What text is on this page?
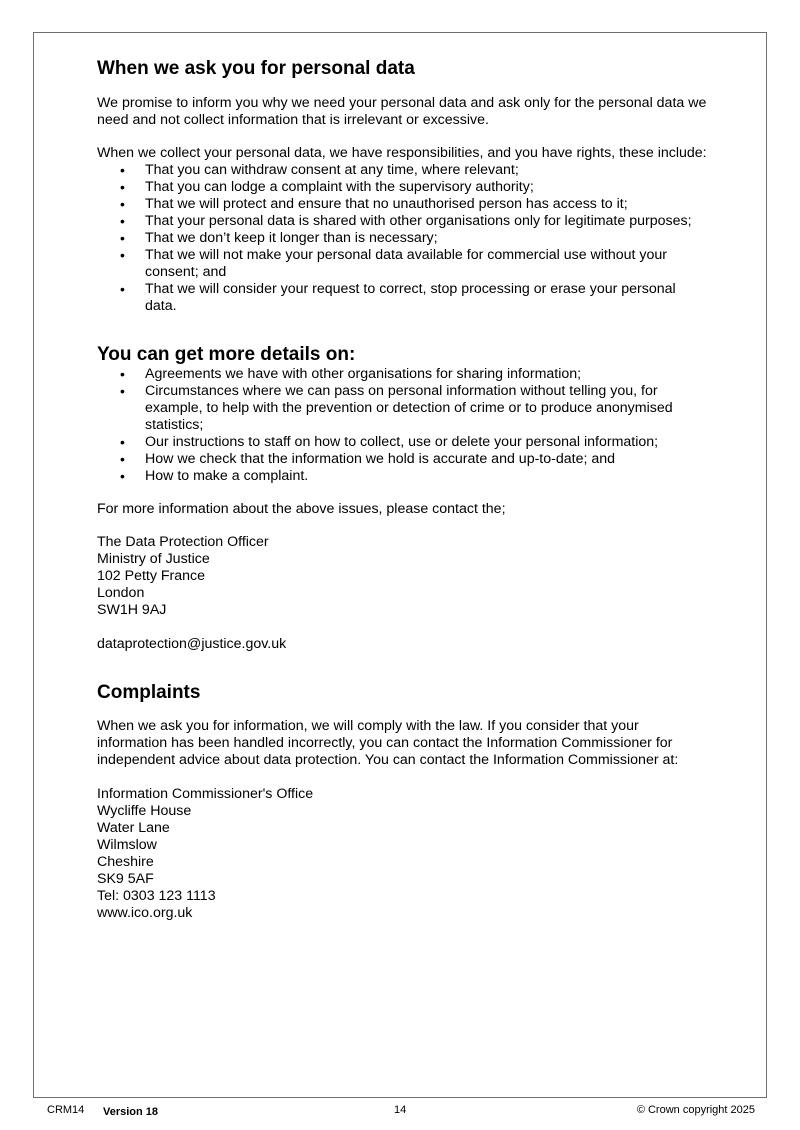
When we ask you for personal data

We promise to inform you why we need your personal data and ask only for the personal data we need and not collect information that is irrelevant or excessive.

When we collect your personal data, we have responsibilities, and you have rights, these include:

• That you can withdraw consent at any time, where relevant;
• That you can lodge a complaint with the supervisory authority;
• That we will protect and ensure that no unauthorised person has access to it;
• That your personal data is shared with other organisations only for legitimate purposes;
• That we don’t keep it longer than is necessary;
• That we will not make your personal data available for commercial use without your consent; and
• That we will consider your request to correct, stop processing or erase your personal data.
You can get more details on:
• Agreements we have with other organisations for sharing information;
• Circumstances where we can pass on personal information without telling you, for example, to help with the prevention or detection of crime or to produce anonymised statistics;
• Our instructions to staff on how to collect, use or delete your personal information;
• How we check that the information we hold is accurate and up-to-date; and
• How to make a complaint.

For more information about the above issues, please contact the;

The Data Protection Officer
Ministry of Justice
102 Petty France
London
SW1H 9AJ

dataprotection@justice.gov.uk

Complaints

When we ask you for information, we will comply with the law. If you consider that your information has been handled incorrectly, you can contact the Information Commissioner for independent advice about data protection. You can contact the Information Commissioner at:

Information Commissioner's Office
Wycliffe House
Water Lane
Wilmslow
Cheshire
SK9 5AF
Tel: 0303 123 1113
www.ico.org.uk
CRM14 Version 18	14	© Crown copyright 2025
